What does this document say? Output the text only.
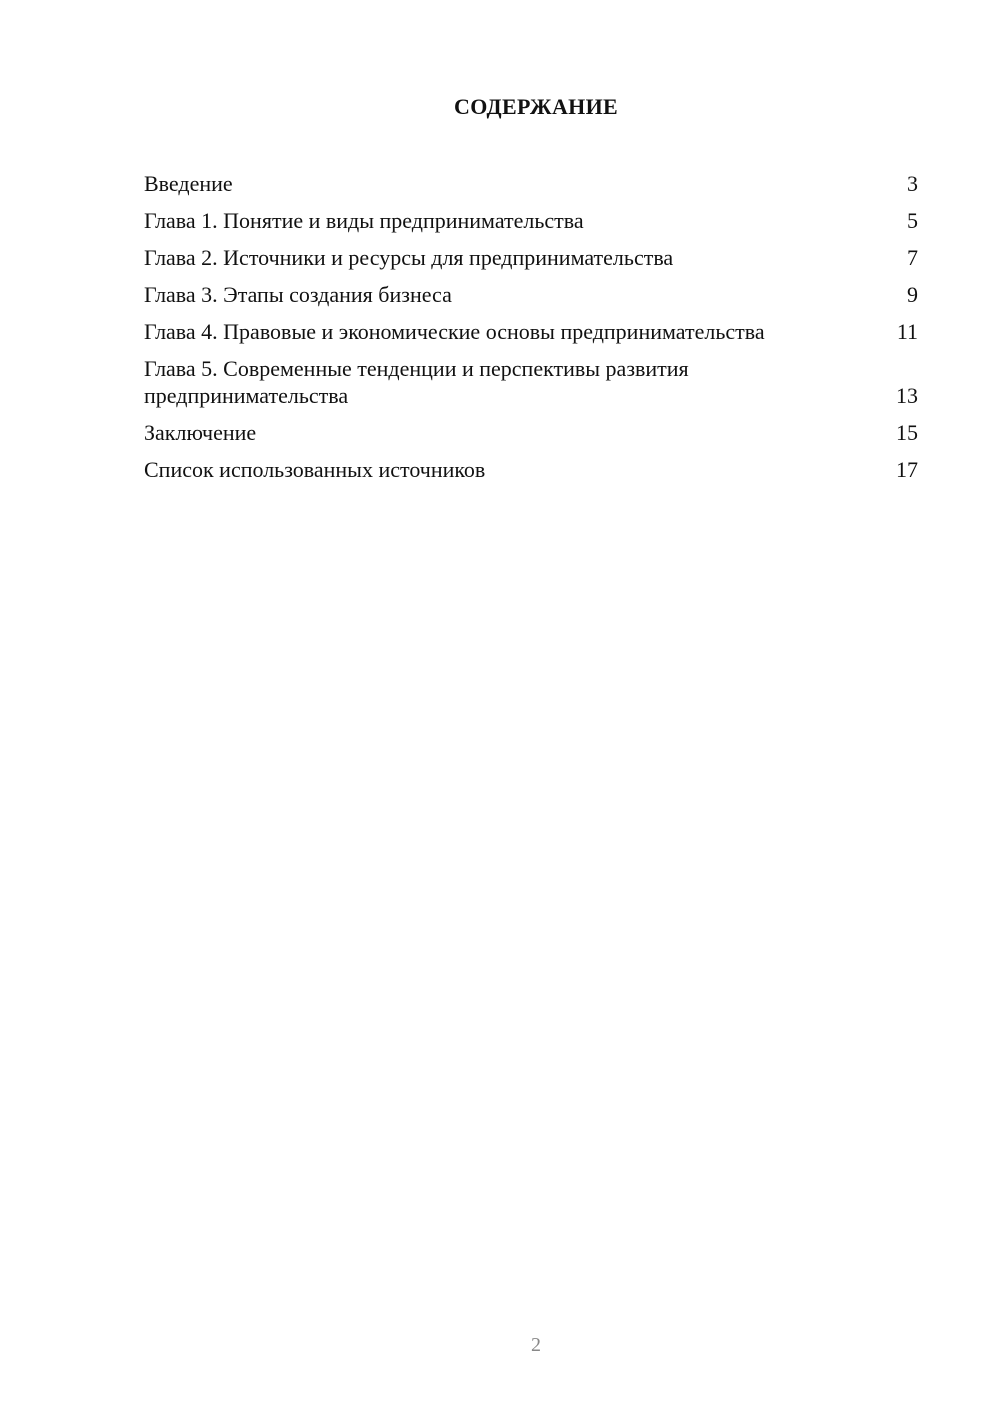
СОДЕРЖАНИЕ
Введение	3
Глава 1. Понятие и виды предпринимательства	5
Глава 2. Источники и ресурсы для предпринимательства	7
Глава 3. Этапы создания бизнеса	9
Глава 4. Правовые и экономические основы предпринимательства	11
Глава 5. Современные тенденции и перспективы развития предпринимательства	13
Заключение	15
Список использованных источников	17
2
